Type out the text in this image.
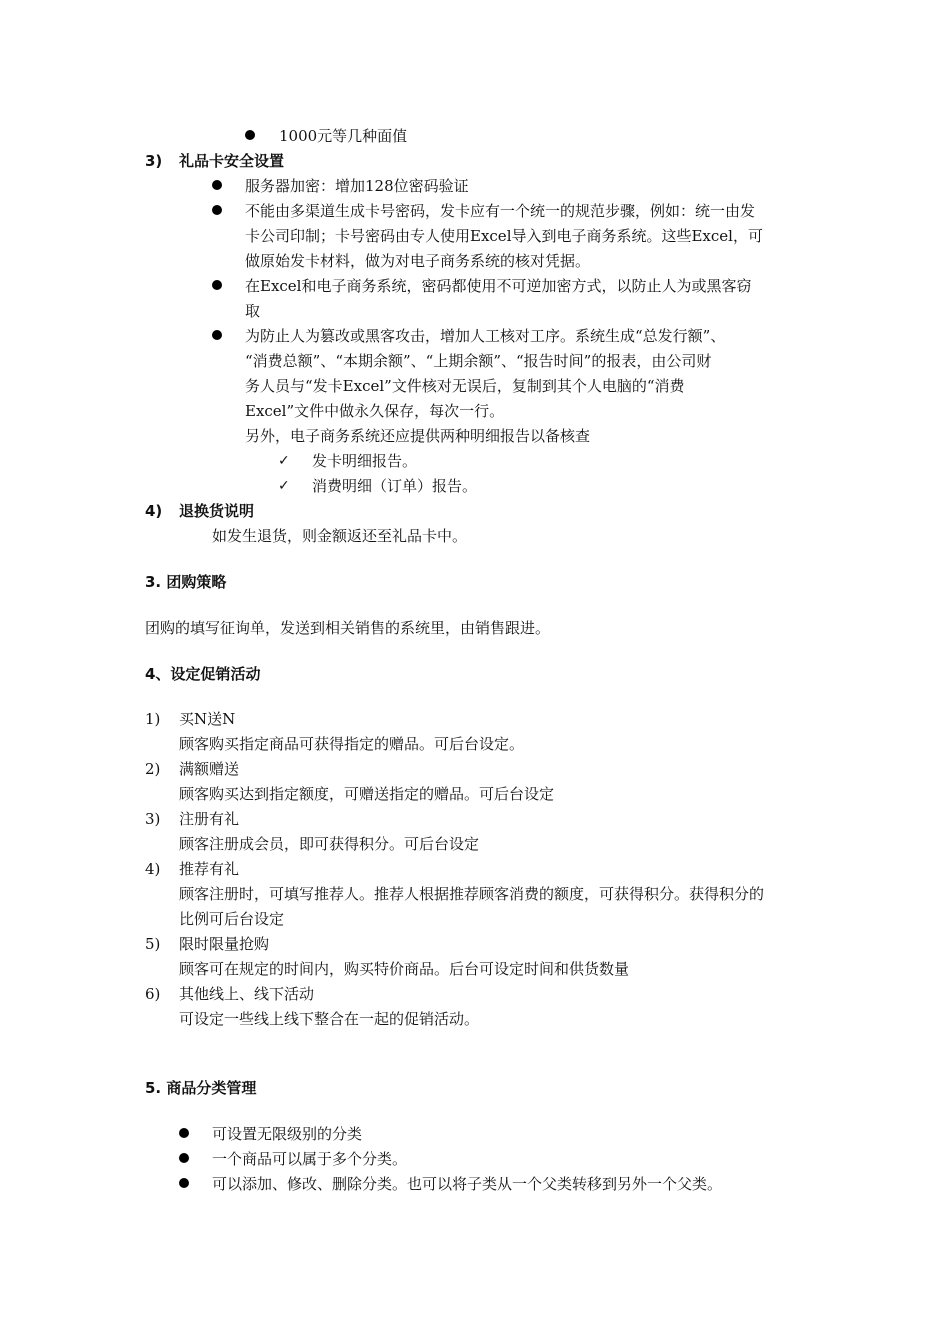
1000元等几种面值
3) 礼品卡安全设置
服务器加密：增加128位密码验证
不能由多渠道生成卡号密码，发卡应有一个统一的规范步骤，例如：统一由发
卡公司印制；卡号密码由专人使用Excel导入到电子商务系统。这些Excel，可
做原始发卡材料，做为对电子商务系统的核对凭据。
在Excel和电子商务系统，密码都使用不可逆加密方式，以防止人为或黑客窃
取
为防止人为篡改或黑客攻击，增加人工核对工序。系统生成“总发行额”、
“消费总额”、“本期余额”、“上期余额”、“报告时间”的报表，由公司财
务人员与“发卡Excel”文件核对无误后，复制到其个人电脑的“消费
Excel”文件中做永久保存，每次一行。
另外，电子商务系统还应提供两种明细报告以备核查
✓ 发卡明细报告。
✓ 消费明细（订单）报告。
4) 退换货说明
如发生退货，则金额返还至礼品卡中。
3. 团购策略
团购的填写征询单，发送到相关销售的系统里，由销售跟进。
4、设定促销活动
1) 买N送N
顾客购买指定商品可获得指定的赠品。可后台设定。
2) 满额赠送
顾客购买达到指定额度，可赠送指定的赠品。可后台设定
3) 注册有礼
顾客注册成会员，即可获得积分。可后台设定
4) 推荐有礼
顾客注册时，可填写推荐人。推荐人根据推荐顾客消费的额度，可获得积分。获得积分的
比例可后台设定
5) 限时限量抢购
顾客可在规定的时间内，购买特价商品。后台可设定时间和供货数量
6) 其他线上、线下活动
可设定一些线上线下整合在一起的促销活动。
5. 商品分类管理
可设置无限级别的分类
一个商品可以属于多个分类。
可以添加、修改、删除分类。也可以将子类从一个父类转移到另外一个父类。
